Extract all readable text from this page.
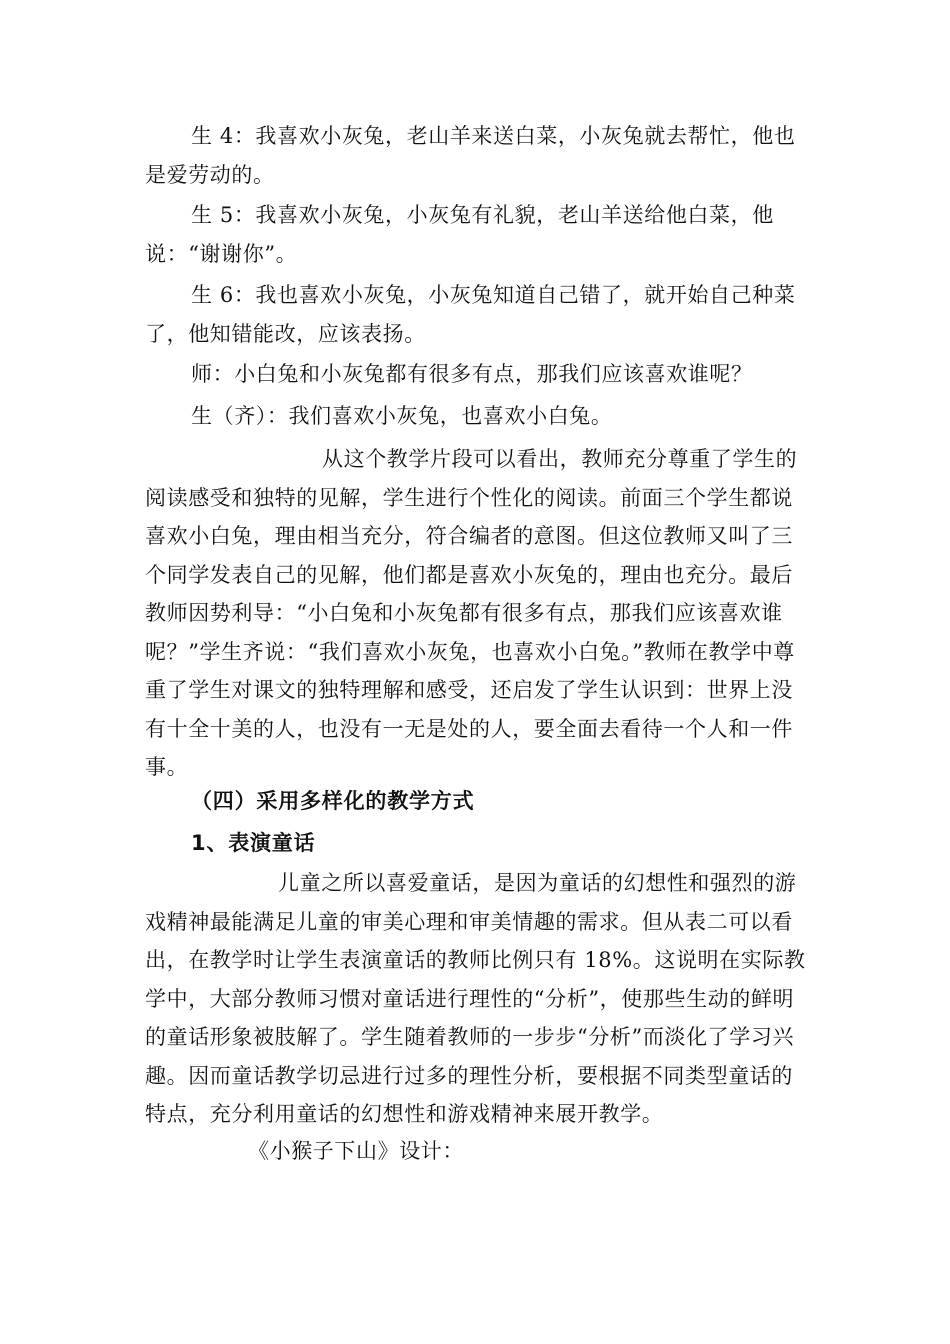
生 4：我喜欢小灰兔，老山羊来送白菜，小灰兔就去帮忙，他也是爱劳动的。

生 5：我喜欢小灰兔，小灰兔有礼貌，老山羊送给他白菜，他说：“谢谢你”。

生 6：我也喜欢小灰兔，小灰兔知道自己错了，就开始自己种菜了，他知错能改，应该表扬。

师：小白兔和小灰兔都有很多有点，那我们应该喜欢谁呢？

生（齐）：我们喜欢小灰兔，也喜欢小白兔。

从这个教学片段可以看出，教师充分尊重了学生的阅读感受和独特的见解，学生进行个性化的阅读。前面三个学生都说喜欢小白兔，理由相当充分，符合编者的意图。但这位教师又叫了三个同学发表自己的见解，他们都是喜欢小灰兔的，理由也充分。最后教师因势利导：“小白兔和小灰兔都有很多有点，那我们应该喜欢谁呢？”学生齐说：“我们喜欢小灰兔，也喜欢小白兔。”教师在教学中尊重了学生对课文的独特理解和感受，还启发了学生认识到：世界上没有十全十美的人，也没有一无是处的人，要全面去看待一个人和一件事。

（四）采用多样化的教学方式

1、表演童话

儿童之所以喜爱童话，是因为童话的幻想性和强烈的游戏精神最能满足儿童的审美心理和审美情趣的需求。但从表二可以看出，在教学时让学生表演童话的教师比例只有 18%。这说明在实际教学中，大部分教师习惯对童话进行理性的“分析”，使那些生动的鲜明的童话形象被肢解了。学生随着教师的一步步“分析”而淡化了学习兴趣。因而童话教学切忌进行过多的理性分析，要根据不同类型童话的特点，充分利用童话的幻想性和游戏精神来展开教学。

《小猴子下山》设计：
